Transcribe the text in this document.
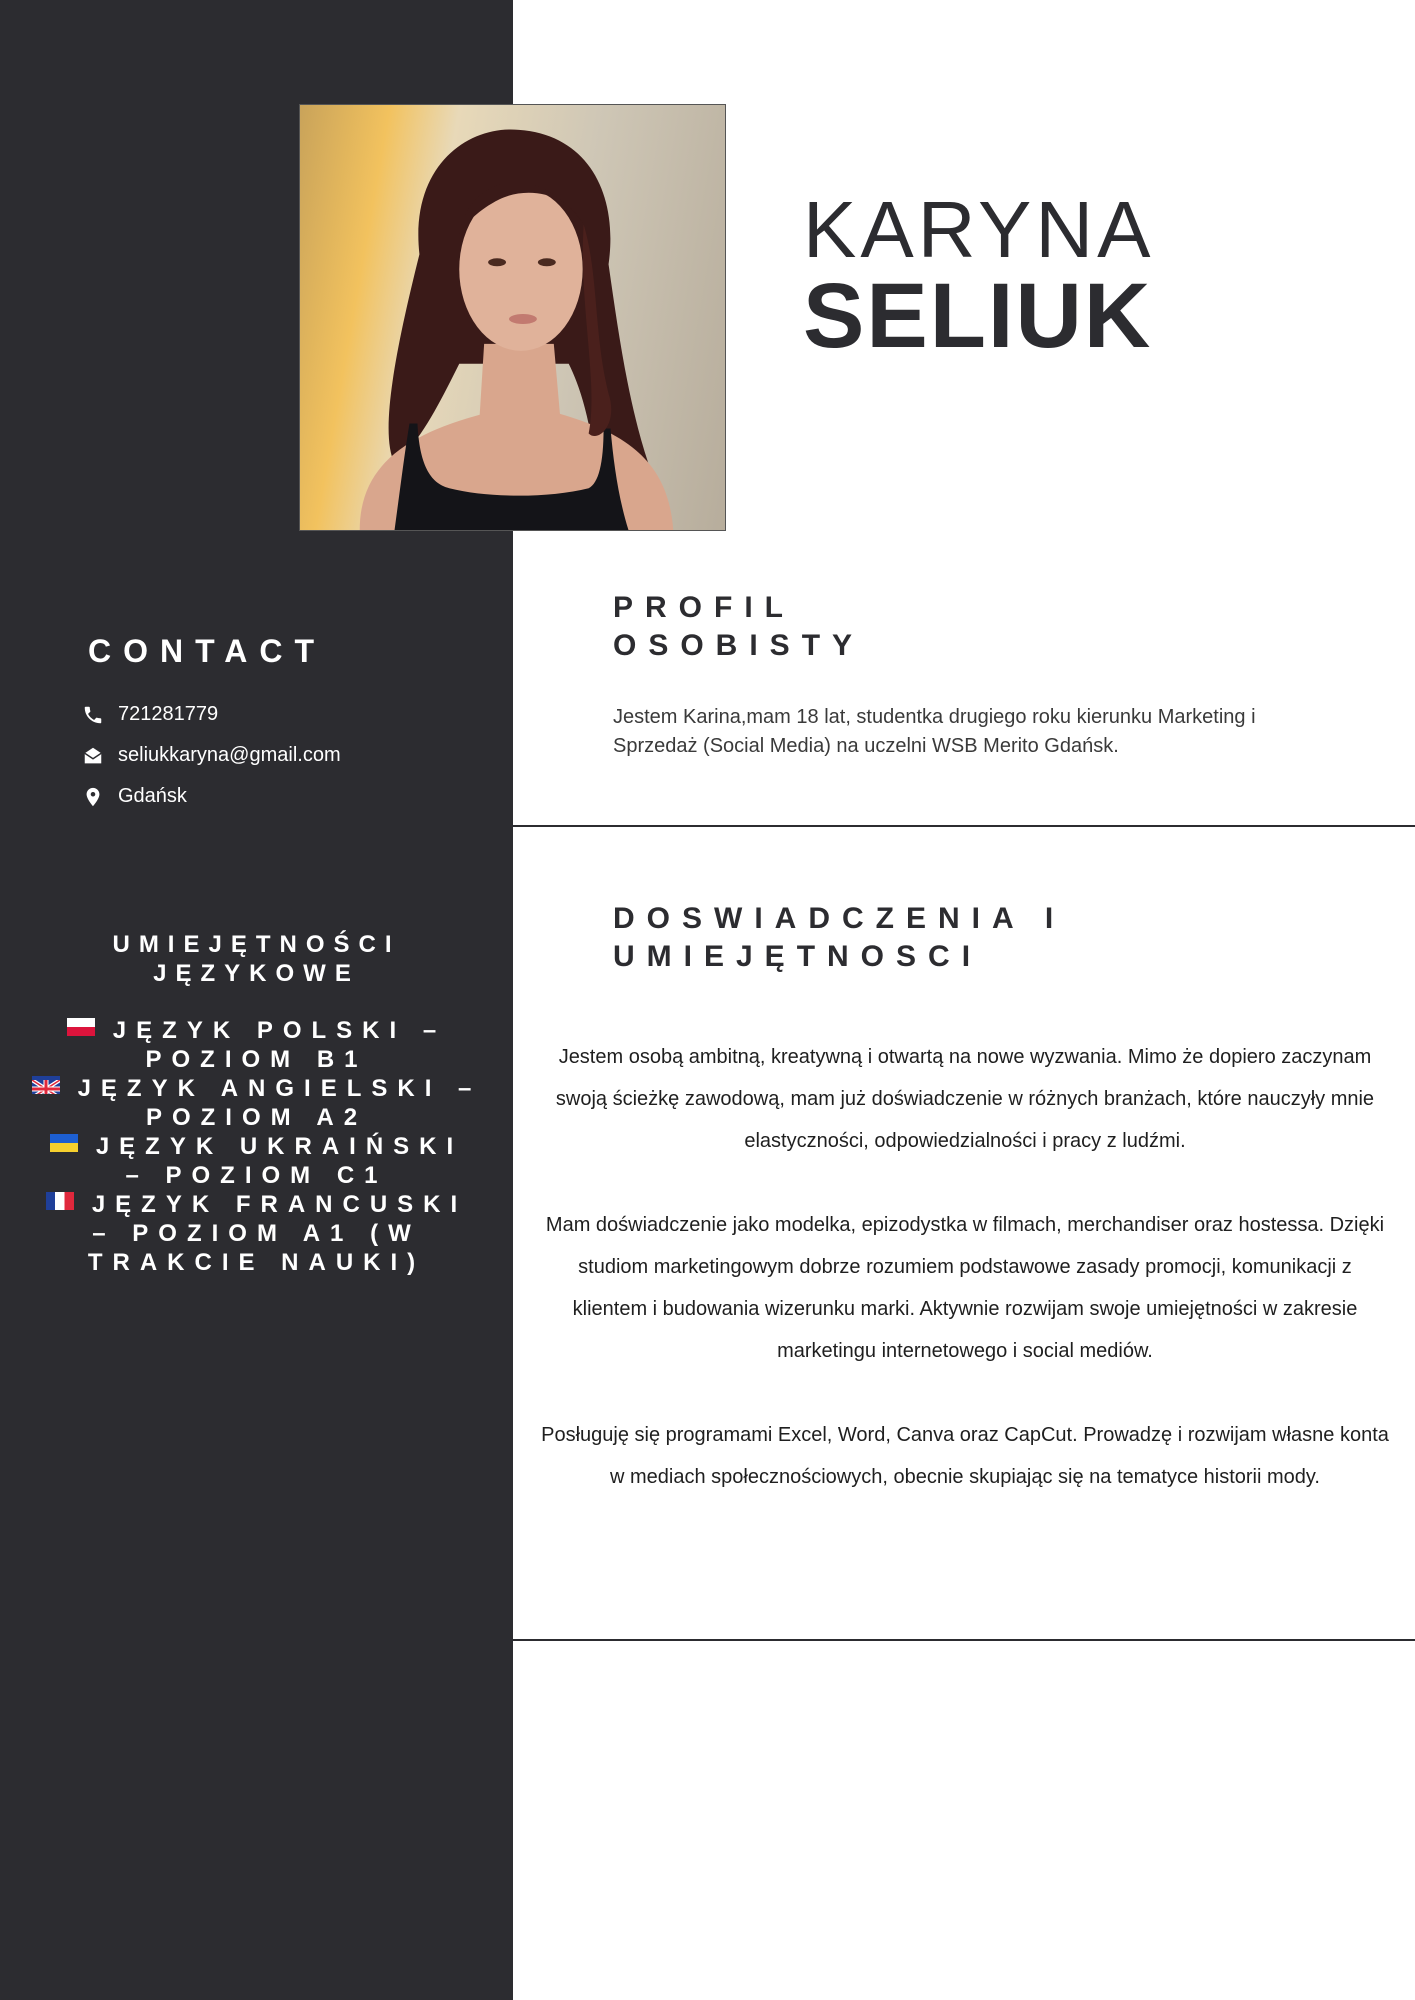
KARYNA
SELIUK
CONTACT
721281779
seliukkaryna@gmail.com
Gdańsk
UMIEJĘTNOŚCI JĘZYKOWE

JĘZYK POLSKI – POZIOM B1

JĘZYK ANGIELSKI – POZIOM A2

JĘZYK UKRAIŃSKI – POZIOM C1

JĘZYK FRANCUSKI – POZIOM A1 (W TRAKCIE NAUKI)

PROFIL
OSOBISTY
Jestem Karina,mam 18 lat, studentka drugiego roku kierunku Marketing i Sprzedaż (Social Media) na uczelni WSB Merito Gdańsk.
DOSWIADCZENIA I
UMIEJĘTNOSCI

Jestem osobą ambitną, kreatywną i otwartą na nowe wyzwania. Mimo że dopiero zaczynam swoją ścieżkę zawodową, mam już doświadczenie w różnych branżach, które nauczyły mnie elastyczności, odpowiedzialności i pracy z ludźmi.

Mam doświadczenie jako modelka, epizodystka w filmach, merchandiser oraz hostessa. Dzięki studiom marketingowym dobrze rozumiem podstawowe zasady promocji, komunikacji z klientem i budowania wizerunku marki. Aktywnie rozwijam swoje umiejętności w zakresie marketingu internetowego i social mediów.

Posługuję się programami Excel, Word, Canva oraz CapCut. Prowadzę i rozwijam własne konta w mediach społecznościowych, obecnie skupiając się na tematyce historii mody.
